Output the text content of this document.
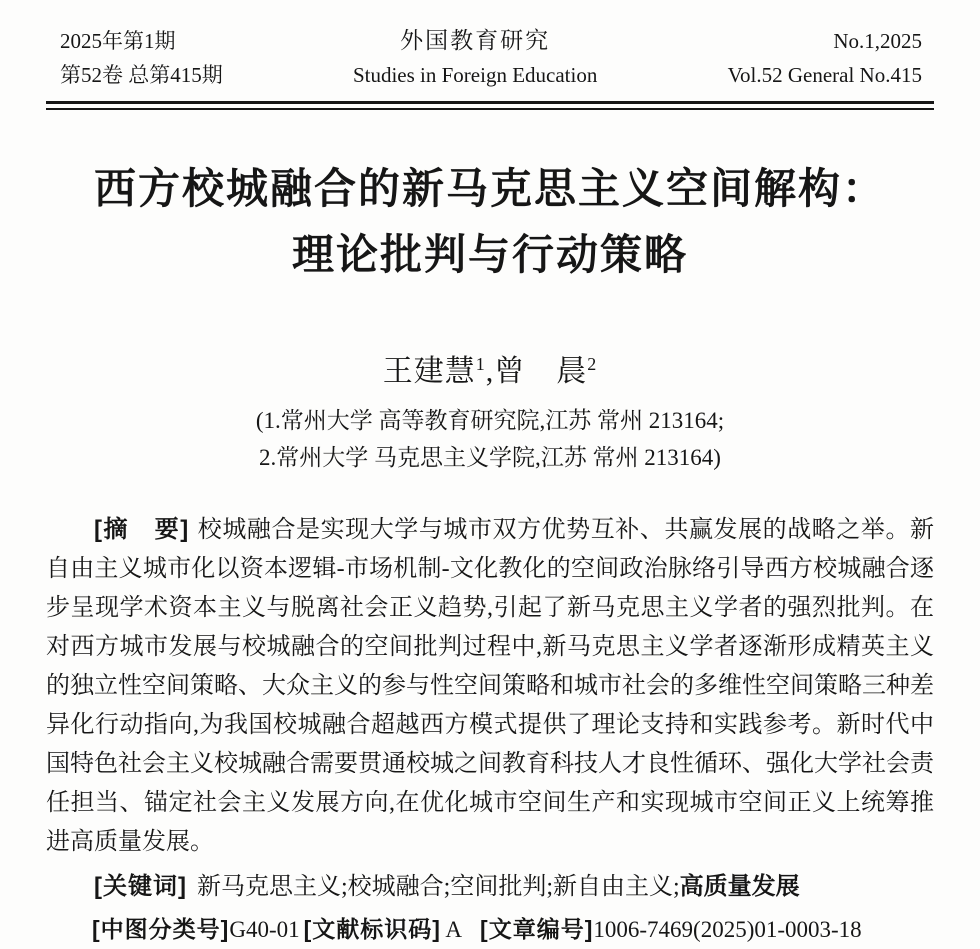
2025年第1期
第52卷 总第415期
外国教育研究
Studies in Foreign Education
No.1,2025
Vol.52 General No.415
西方校城融合的新马克思主义空间解构：
理论批判与行动策略
王建慧$^1$,曾　晨$^2$
(1.常州大学 高等教育研究院,江苏 常州 213164;
2.常州大学 马克思主义学院,江苏 常州 213164)
[摘　要] 校城融合是实现大学与城市双方优势互补、共赢发展的战略之举。新自由主义城市化以资本逻辑-市场机制-文化教化的空间政治脉络引导西方校城融合逐步呈现学术资本主义与脱离社会正义趋势,引起了新马克思主义学者的强烈批判。在对西方城市发展与校城融合的空间批判过程中,新马克思主义学者逐渐形成精英主义的独立性空间策略、大众主义的参与性空间策略和城市社会的多维性空间策略三种差异化行动指向,为我国校城融合超越西方模式提供了理论支持和实践参考。新时代中国特色社会主义校城融合需要贯通校城之间教育科技人才良性循环、强化大学社会责任担当、锚定社会主义发展方向,在优化城市空间生产和实现城市空间正义上统筹推进高质量发展。
[关键词] 新马克思主义;校城融合;空间批判;新自由主义;高质量发展
[中图分类号]G40-01 [文献标识码] A [文章编号]1006-7469(2025)01-0003-18
